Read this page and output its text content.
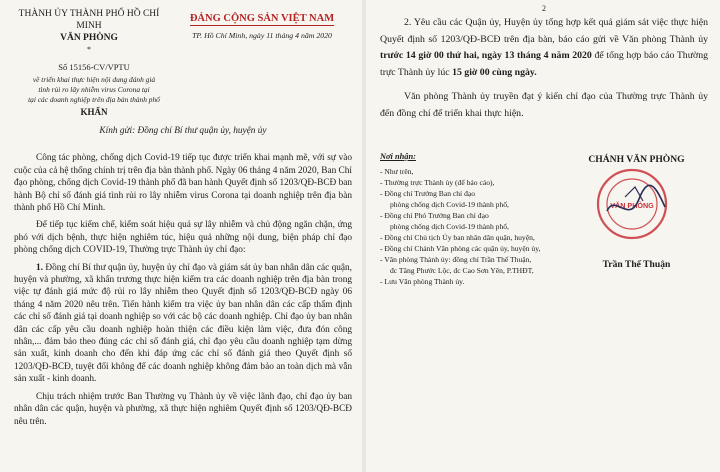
THÀNH ỦY THÀNH PHỐ HỒ CHÍ MINH
VĂN PHÒNG
*
ĐẢNG CỘNG SẢN VIỆT NAM
TP. Hồ Chí Minh, ngày 11 tháng 4 năm 2020
Số 15156-CV/VPTU
về triển khai thực hiện nội dung đánh giá
tình rủi ro lây nhiễm virus Corona tại
tại các doanh nghiệp trên địa bàn thành phố
KHẨN
Kính gửi: Đồng chí Bí thư quận ủy, huyện ủy

Công tác phòng, chống dịch Covid-19 tiếp tục được triển khai mạnh mẽ, với sự vào cuộc của cả hệ thống chính trị trên địa bàn thành phố. Ngày 06 tháng 4 năm 2020, Ban Chỉ đạo phòng, chống dịch Covid-19 thành phố đã ban hành Quyết định số 1203/QĐ-BCĐ ban hành Bộ chỉ số đánh giá tình rủi ro lây nhiễm virus Corona tại doanh nghiệp trên địa bàn thành phố Hồ Chí Minh.

Để tiếp tục kiểm chế, kiểm soát hiệu quả sự lây nhiễm và chủ động ngăn chặn, ứng phó với dịch bệnh, thực hiện nghiêm túc, hiệu quả những nội dung, biện pháp chỉ đạo phòng chống dịch COVID-19, Thường trực Thành ủy chỉ đạo:

1. Đồng chí Bí thư quận ủy, huyện ủy chỉ đạo và giám sát ủy ban nhân dân các quận, huyện và phường, xã khẩn trương thực hiện kiểm tra các doanh nghiệp trên địa bàn trong việc tự đánh giá mức độ rủi ro lây nhiễm theo Quyết định số 1203/QĐ-BCĐ ngày 06 tháng 4 năm 2020 nêu trên. Tiến hành kiểm tra việc ủy ban nhân dân các cấp thẩm định các chỉ số đánh giá tại doanh nghiệp so với các bộ các doanh nghiệp. Chỉ đạo ủy ban nhân dân các cấp yêu cầu doanh nghiệp hoàn thiện các điều kiện làm việc, đưa đón công nhân,... đảm bảo theo đúng các chỉ số đánh giá, chỉ đạo yêu cầu doanh nghiệp tạm dừng sản xuất, kinh doanh cho đến khi đáp ứng các chỉ số đánh giá theo Quyết định số 1203/QĐ-BCĐ, tuyệt đối không để các doanh nghiệp không đảm bảo an toàn dịch mà vẫn sản xuất - kinh doanh.

Chịu trách nhiệm trước Ban Thường vụ Thành ủy về việc lãnh đạo, chỉ đạo ủy ban nhân dân các quận, huyện và phường, xã thực hiện nghiêm Quyết định số 1203/QĐ-BCĐ nêu trên.

2

2. Yêu cầu các Quận ủy, Huyện ủy tổng hợp kết quả giám sát việc thực hiện Quyết định số 1203/QĐ-BCĐ trên địa bàn, báo cáo gửi về Văn phòng Thành ủy trước 14 giờ 00 thứ hai, ngày 13 tháng 4 năm 2020 để tổng hợp báo cáo Thường trực Thành ủy lúc 15 giờ 00 cùng ngày.

Văn phòng Thành ủy truyền đạt ý kiến chỉ đạo của Thường trực Thành ủy đến đồng chí để triển khai thực hiện.

Nơi nhận:
- Như trên,
- Thường trực Thành ủy (để báo cáo),
- Đồng chí Trưởng Ban chỉ đạo
phòng chống dịch Covid-19 thành phố,
- Đồng chí Phó Trưởng Ban chỉ đạo
phòng chống dịch Covid-19 thành phố,
- Đồng chí Chủ tịch Ủy ban nhân dân quận, huyện,
- Đồng chí Chánh Văn phòng các quận ủy, huyện ủy,
- Văn phòng Thành ủy: đồng chí Trần Thế Thuận,
đc Tăng Phước Lộc, đc Cao Sơn Yên, P.THĐT,
- Lưu Văn phòng Thành ủy.
CHÁNH VĂN PHÒNG
VĂN PHÒNG
Trần Thế Thuận
